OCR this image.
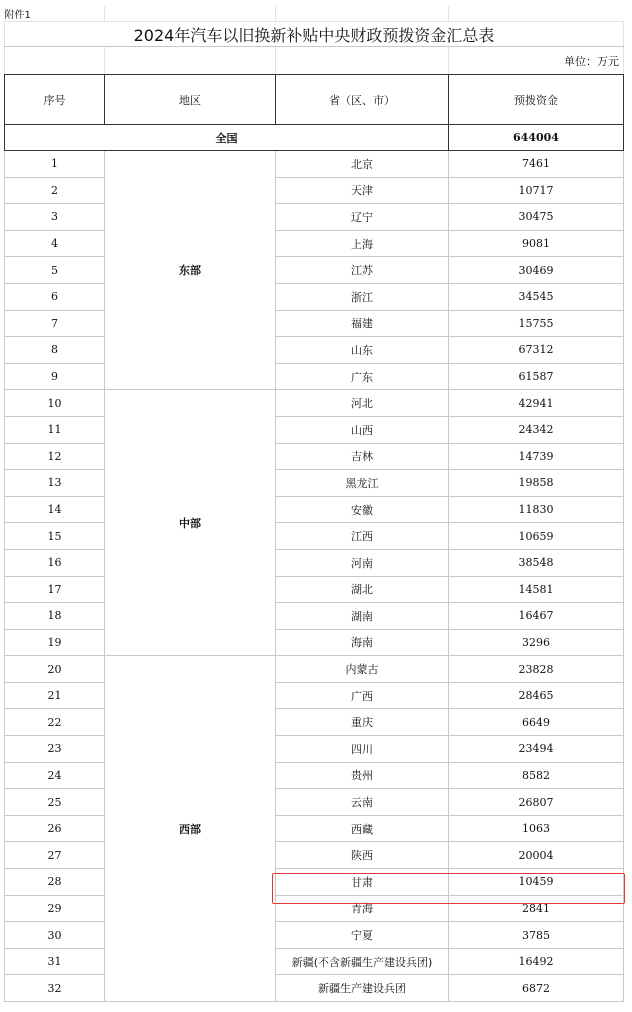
附件1			
2024年汽车以旧换新补贴中央财政预拨资金汇总表			
			单位：万元
序号	地区	省（区、市）	预拨资金
全国			644004
1	东部	北京	7461
2		天津	10717
3		辽宁	30475
4		上海	9081
5		江苏	30469
6		浙江	34545
7		福建	15755
8		山东	67312
9		广东	61587
10	中部	河北	42941
11		山西	24342
12		吉林	14739
13		黑龙江	19858
14		安徽	11830
15		江西	10659
16		河南	38548
17		湖北	14581
18		湖南	16467
19		海南	3296
20	西部	内蒙古	23828
21		广西	28465
22		重庆	6649
23		四川	23494
24		贵州	8582
25		云南	26807
26		西藏	1063
27		陕西	20004
28		甘肃	10459
29		青海	2841
30		宁夏	3785
31		新疆(不含新疆生产建设兵团)	16492
32		新疆生产建设兵团	6872
